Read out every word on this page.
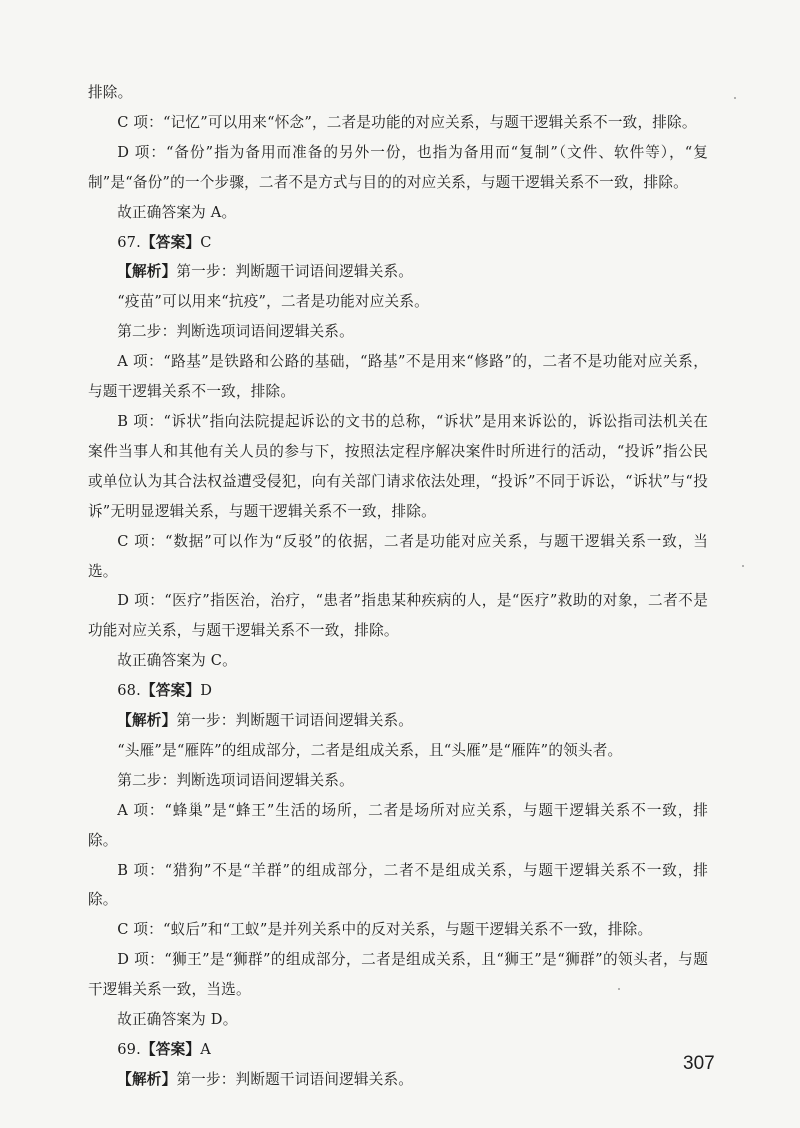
排除。

C 项：“记忆”可以用来“怀念”，二者是功能的对应关系，与题干逻辑关系不一致，排除。

D 项：“备份”指为备用而准备的另外一份，也指为备用而“复制”（文件、软件等），“复制”是“备份”的一个步骤，二者不是方式与目的的对应关系，与题干逻辑关系不一致，排除。

故正确答案为 A。

67.【答案】C

【解析】第一步：判断题干词语间逻辑关系。

“疫苗”可以用来“抗疫”，二者是功能对应关系。

第二步：判断选项词语间逻辑关系。

A 项：“路基”是铁路和公路的基础，“路基”不是用来“修路”的，二者不是功能对应关系，与题干逻辑关系不一致，排除。

B 项：“诉状”指向法院提起诉讼的文书的总称，“诉状”是用来诉讼的，诉讼指司法机关在案件当事人和其他有关人员的参与下，按照法定程序解决案件时所进行的活动，“投诉”指公民或单位认为其合法权益遭受侵犯，向有关部门请求依法处理，“投诉”不同于诉讼，“诉状”与“投诉”无明显逻辑关系，与题干逻辑关系不一致，排除。

C 项：“数据”可以作为“反驳”的依据，二者是功能对应关系，与题干逻辑关系一致，当选。

D 项：“医疗”指医治，治疗，“患者”指患某种疾病的人，是“医疗”救助的对象，二者不是功能对应关系，与题干逻辑关系不一致，排除。

故正确答案为 C。

68.【答案】D

【解析】第一步：判断题干词语间逻辑关系。

“头雁”是“雁阵”的组成部分，二者是组成关系，且“头雁”是“雁阵”的领头者。

第二步：判断选项词语间逻辑关系。

A 项：“蜂巢”是“蜂王”生活的场所，二者是场所对应关系，与题干逻辑关系不一致，排除。

B 项：“猎狗”不是“羊群”的组成部分，二者不是组成关系，与题干逻辑关系不一致，排除。

C 项：“蚁后”和“工蚁”是并列关系中的反对关系，与题干逻辑关系不一致，排除。

D 项：“狮王”是“狮群”的组成部分，二者是组成关系，且“狮王”是“狮群”的领头者，与题干逻辑关系一致，当选。

故正确答案为 D。

69.【答案】A

【解析】第一步：判断题干词语间逻辑关系。

307
